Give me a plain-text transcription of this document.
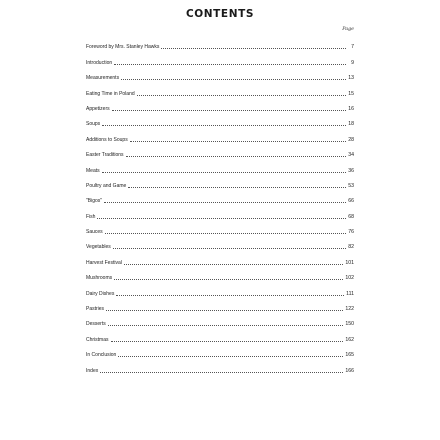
CONTENTS
Page
Foreword by Mrs. Stanley Hawks	7
Introduction	9
Measurements	13
Eating Time in Poland	15
Appetizers	16
Soups	18
Additions to Soups	28
Easter Traditions	34
Meats	36
Poultry and Game	53
"Bigos"	66
Fish	68
Sauces	76
Vegetables	82
Harvest Festival	101
Mushrooms	102
Dairy Dishes	111
Pastries	122
Desserts	150
Christmas	162
In Conclusion	165
Index	166
